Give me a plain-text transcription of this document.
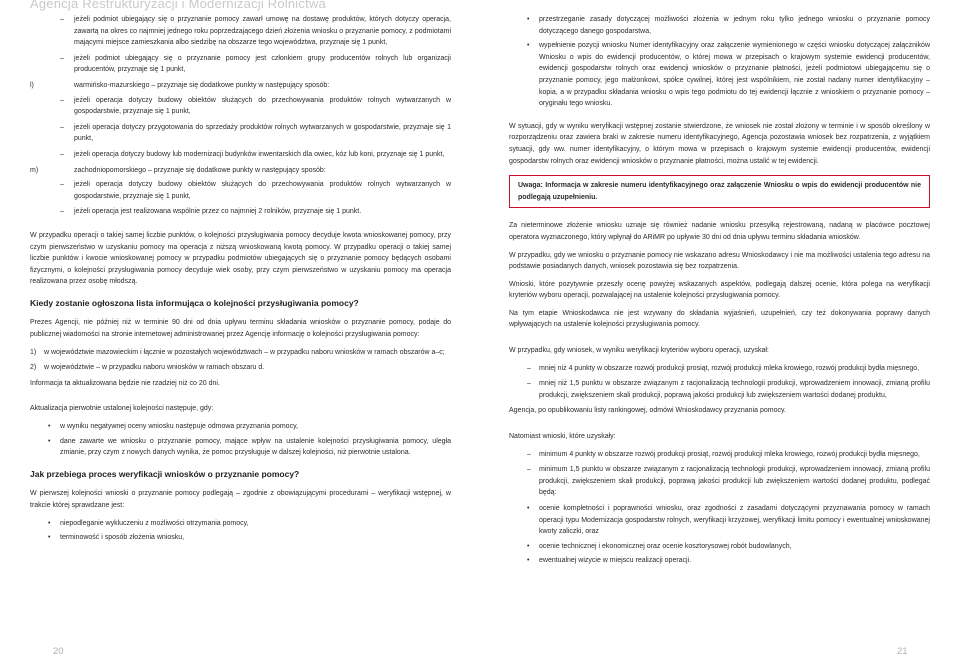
Agencja Restrukturyzacji i Modernizacji Rolnictwa
– jeżeli podmiot ubiegający się o przyznanie pomocy zawarł umowę na dostawę produktów, których dotyczy operacja, zawartą na okres co najmniej jednego roku poprzedzającego dzień złożenia wniosku o przyznanie pomocy, z podmiotami mającymi miejsce zamieszkania albo siedzibę na obszarze tego województwa, przyznaje się 1 punkt,
– jeżeli podmiot ubiegający się o przyznanie pomocy jest członkiem grupy producentów rolnych lub organizacji producentów, przyznaje się 1 punkt,
l)	warmińsko-mazurskiego – przyznaje się dodatkowe punkty w następujący sposób:
– jeżeli operacja dotyczy budowy obiektów służących do przechowywania produktów rolnych wytwarzanych w gospodarstwie, przyznaje się 1 punkt,
– jeżeli operacja dotyczy przygotowania do sprzedaży produktów rolnych wytwarzanych w gospodarstwie, przyznaje się 1 punkt,
– jeżeli operacja dotyczy budowy lub modernizacji budynków inwentarskich dla owiec, kóz lub koni, przyznaje się 1 punkt,
m)	zachodniopomorskiego – przyznaje się dodatkowe punkty w następujący sposób:
– jeżeli operacja dotyczy budowy obiektów służących do przechowywania produktów rolnych wytwarzanych w gospodarstwie, przyznaje się 1 punkt,
– jeżeli operacja jest realizowana wspólnie przez co najmniej 2 rolników, przyznaje się 1 punkt.

W przypadku operacji o takiej samej liczbie punktów, o kolejności przysługiwania pomocy decyduje kwota wnioskowanej pomocy, przy czym pierwszeństwo w uzyskaniu pomocy ma operacja z niższą wnioskowaną kwotą pomocy. W przypadku operacji o takiej samej liczbie punktów i kwocie wnioskowanej pomocy w przypadku podmiotów ubiegających się o przyznanie pomocy będących osobami fizycznymi, o kolejności przysługiwania pomocy decyduje wiek osoby, przy czym pierwszeństwo w uzyskaniu pomocy ma operacja realizowana przez osobę młodszą.

Kiedy zostanie ogłoszona lista informująca o kolejności przysługiwania pomocy?

Prezes Agencji, nie później niż w terminie 90 dni od dnia upływu terminu składania wniosków o przyznanie pomocy, podaje do publicznej wiadomości na stronie internetowej administrowanej przez Agencję informację o kolejności przysługiwania pomocy:

1) w województwie mazowieckim i łącznie w pozostałych województwach – w przypadku naboru wniosków w ramach obszarów a–c;
2) w województwie – w przypadku naboru wniosków w ramach obszaru d.

Informacja ta aktualizowana będzie nie rzadziej niż co 20 dni.

Aktualizacja pierwotnie ustalonej kolejności następuje, gdy:

• w wyniku negatywnej oceny wniosku następuje odmowa przyznania pomocy,
• dane zawarte we wniosku o przyznanie pomocy, mające wpływ na ustalenie kolejności przysługiwania pomocy, uległa zmianie, przy czym z nowych danych wynika, że pomoc przysługuje w dalszej kolejności, niż pierwotnie ustalona.
Jak przebiega proces weryfikacji wniosków o przyznanie pomocy?

W pierwszej kolejności wnioski o przyznanie pomocy podlegają – zgodnie z obowiązującymi procedurami – weryfikacji wstępnej, w trakcie której sprawdzane jest:

• niepodleganie wykluczeniu z możliwości otrzymania pomocy,
• terminowość i sposób złożenia wniosku,
• przestrzeganie zasady dotyczącej możliwości złożenia w jednym roku tylko jednego wniosku o przyznanie pomocy dotyczącego danego gospodarstwa,
• wypełnienie pozycji wniosku Numer identyfikacyjny oraz załączenie wymienionego w części wniosku dotyczącej załączników Wniosku o wpis do ewidencji producentów, o której mowa w przepisach o krajowym systemie ewidencji producentów, ewidencji gospodarstw rolnych oraz ewidencji wniosków o przyznanie płatności, jeżeli podmiotowi ubiegającemu się o przyznanie pomocy, jego małżonkowi, spółce cywilnej, której jest wspólnikiem, nie został nadany numer identyfikacyjny – kopia, a w przypadku składania wniosku o wpis tego podmiotu do tej ewidencji łącznie z wnioskiem o przyznanie pomocy – oryginału tego wniosku.

W sytuacji, gdy w wyniku weryfikacji wstępnej zostanie stwierdzone, że wniosek nie został złożony w terminie i w sposób określony w rozporządzeniu oraz zawiera braki w zakresie numeru identyfikacyjnego, Agencja pozostawia wniosek bez rozpatrzenia, z wyjątkiem sytuacji, gdy ww. numer identyfikacyjny, o którym mowa w przepisach o krajowym systemie ewidencji producentów, ewidencji gospodarstw rolnych oraz ewidencji wniosków o przyznanie płatności, można ustalić w tej ewidencji.

Uwaga: Informacja w zakresie numeru identyfikacyjnego oraz załączenie Wniosku o wpis do ewidencji producentów nie podlegają uzupełnieniu.

Za nieterminowe złożenie wniosku uznaje się również nadanie wniosku przesyłką rejestrowaną, nadaną w placówce pocztowej operatora wyznaczonego, który wpłynął do ARiMR po upływie 30 dni od dnia upływu terminu składania wniosków.

W przypadku, gdy we wniosku o przyznanie pomocy nie wskazano adresu Wnioskodawcy i nie ma możliwości ustalenia tego adresu na podstawie posiadanych danych, wniosek pozostawia się bez rozpatrzenia.

Wnioski, które pozytywnie przeszły ocenę powyżej wskazanych aspektów, podlegają dalszej ocenie, która polega na weryfikacji kryteriów wyboru operacji, pozwalającej na ustalenie kolejności przysługiwania pomocy.

Na tym etapie Wnioskodawca nie jest wzywany do składania wyjaśnień, uzupełnień, czy też dokonywania poprawy danych wpływających na ustalenie kolejności przysługiwania pomocy.

W przypadku, gdy wniosek, w wyniku weryfikacji kryteriów wyboru operacji, uzyskał:

– mniej niż 4 punkty w obszarze rozwój produkcji prosiąt, rozwój produkcji mleka krowiego, rozwój produkcji bydła mięsnego,
– mniej niż 1,5 punktu w obszarze związanym z racjonalizacją technologii produkcji, wprowadzeniem innowacji, zmianą profilu produkcji, zwiększeniem skali produkcji, poprawą jakości produkcji lub zwiększeniem wartości dodanej produktu,

Agencja, po opublikowaniu listy rankingowej, odmówi Wnioskodawcy przyznania pomocy.

Natomiast wnioski, które uzyskały:

– minimum 4 punkty w obszarze rozwój produkcji prosiąt, rozwój produkcji mleka krowiego, rozwój produkcji bydła mięsnego,
– minimum 1,5 punktu w obszarze związanym z racjonalizacją technologii produkcji, wprowadzeniem innowacji, zmianą profilu produkcji, zwiększeniem skali produkcji, poprawą jakości produkcji lub zwiększeniem wartości dodanej produktu, podlegać będą:
• ocenie kompletności i poprawności wniosku, oraz zgodności z zasadami dotyczącymi przyznawania pomocy w ramach operacji typu Modernizacja gospodarstw rolnych, weryfikacji krzyżowej, weryfikacji limitu pomocy i ewentualnej wnioskowanej kwoty zaliczki, oraz
• ocenie technicznej i ekonomicznej oraz ocenie kosztorysowej robót budowlanych,
• ewentualnej wizycie w miejscu realizacji operacji.
20	21
